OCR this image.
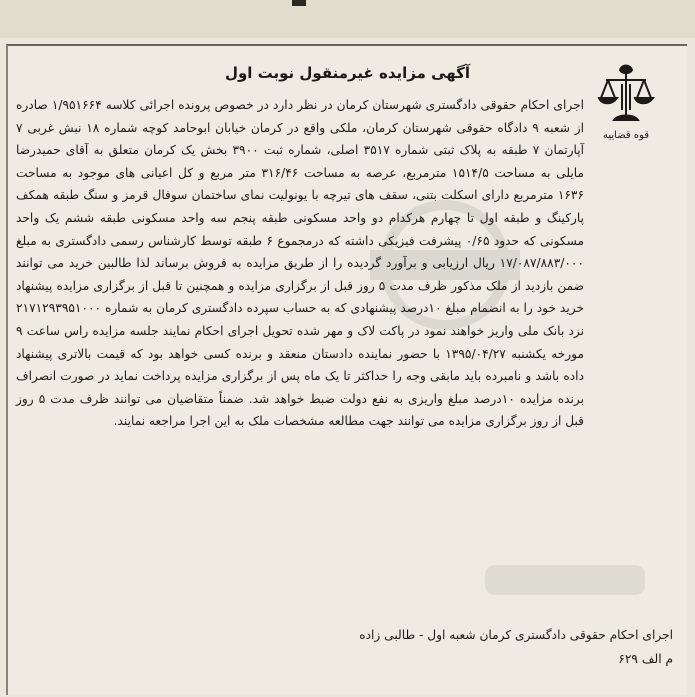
قوه قضاییه
آگهی مزایده غیرمنقول نوبت اول
اجرای احکام حقوقی دادگستری شهرستان کرمان در نظر دارد در خصوص پرونده اجرائی کلاسه ۱/۹۵۱۶۶۴ صادره از شعبه ۹ دادگاه حقوقی شهرستان کرمان، ملکی واقع در کرمان خیابان ابوحامد کوچه شماره ۱۸ نبش غربی ۷ آپارتمان ۷ طبقه به پلاک ثبتی شماره ۳۵۱۷ اصلی، شماره ثبت ۳۹۰۰ بخش یک کرمان متعلق به آقای حمیدرضا مایلی به مساحت ۱۵۱۴/۵ مترمربع، عرصه به مساحت ۳۱۶/۴۶ متر مربع و کل اعیانی های موجود به مساحت ۱۶۳۶ مترمربع دارای اسکلت بتنی، سقف های تیرچه با یونولیت نمای ساختمان سوفال قرمز و سنگ طبقه همکف پارکینگ و طبقه اول تا چهارم هرکدام دو واحد مسکونی طبقه پنجم سه واحد مسکونی طبقه ششم یک واحد مسکونی که حدود ۰/۶۵ پیشرفت فیزیکی داشته که درمجموع ۶ طبقه توسط کارشناس رسمی دادگستری به مبلغ ۱۷/۰۸۷/۸۸۳/۰۰۰ ریال ارزیابی و برآورد گردیده را از طریق مزایده به فروش برساند لذا طالبین خرید می توانند ضمن بازدید از ملک مذکور ظرف مدت ۵ روز قبل از برگزاری مزایده و همچنین تا قبل از برگزاری مزایده پیشنهاد خرید خود را به انضمام مبلغ ۱۰درصد پیشنهادی که به حساب سپرده دادگستری کرمان به شماره ۲۱۷۱۲۹۳۹۵۱۰۰۰ نزد بانک ملی واریز خواهند نمود در پاکت لاک و مهر شده تحویل اجرای احکام نمایند جلسه مزایده راس ساعت ۹ مورخه یکشنبه ۱۳۹۵/۰۴/۲۷ با حضور نماینده دادستان منعقد و برنده کسی خواهد بود که قیمت بالاتری پیشنهاد داده باشد و نامبرده باید مابقی وجه را حداکثر تا یک ماه پس از برگزاری مزایده پرداخت نماید در صورت انصراف برنده مزایده ۱۰درصد مبلغ واریزی به نفع دولت ضبط خواهد شد. ضمناً متقاضیان می توانند ظرف مدت ۵ روز قبل از روز برگزاری مزایده می توانند جهت مطالعه مشخصات ملک به این اجرا مراجعه نمایند.
اجرای احکام حقوقی دادگستری کرمان شعبه اول - طالبی زاده
م الف ۶۲۹
